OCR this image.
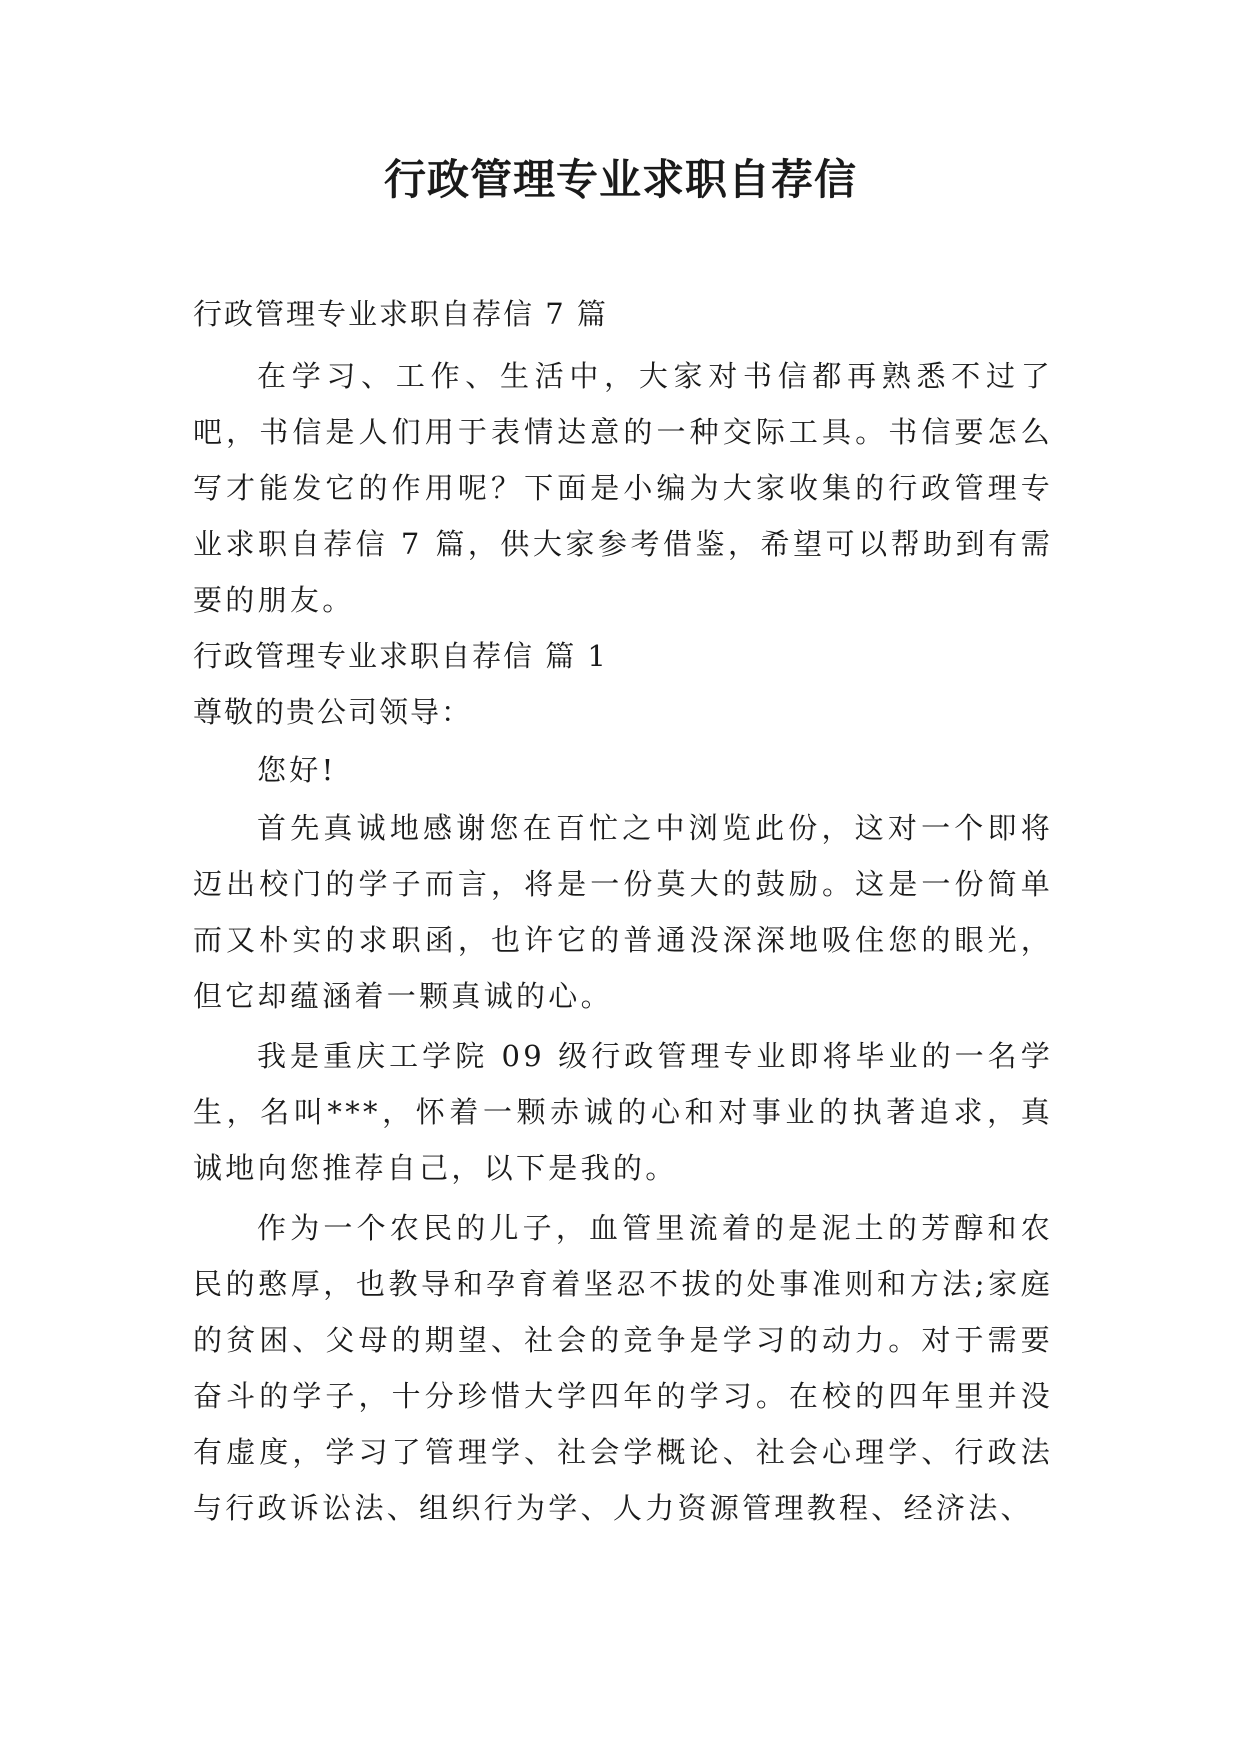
行政管理专业求职自荐信

行政管理专业求职自荐信 7 篇

在学习、工作、生活中，大家对书信都再熟悉不过了吧，书信是人们用于表情达意的一种交际工具。书信要怎么写才能发它的作用呢？下面是小编为大家收集的行政管理专业求职自荐信 7 篇，供大家参考借鉴，希望可以帮助到有需要的朋友。

行政管理专业求职自荐信 篇 1

尊敬的贵公司领导：

您好!

首先真诚地感谢您在百忙之中浏览此份，这对一个即将迈出校门的学子而言，将是一份莫大的鼓励。这是一份简单而又朴实的求职函，也许它的普通没深深地吸住您的眼光，但它却蕴涵着一颗真诚的心。

我是重庆工学院 09 级行政管理专业即将毕业的一名学生，名叫***，怀着一颗赤诚的心和对事业的执著追求，真诚地向您推荐自己，以下是我的。

作为一个农民的儿子，血管里流着的是泥土的芳醇和农民的憨厚，也教导和孕育着坚忍不拔的处事准则和方法;家庭的贫困、父母的期望、社会的竞争是学习的动力。对于需要奋斗的学子，十分珍惜大学四年的学习。在校的四年里并没有虚度，学习了管理学、社会学概论、社会心理学、行政法与行政诉讼法、组织行为学、人力资源管理教程、经济法、
